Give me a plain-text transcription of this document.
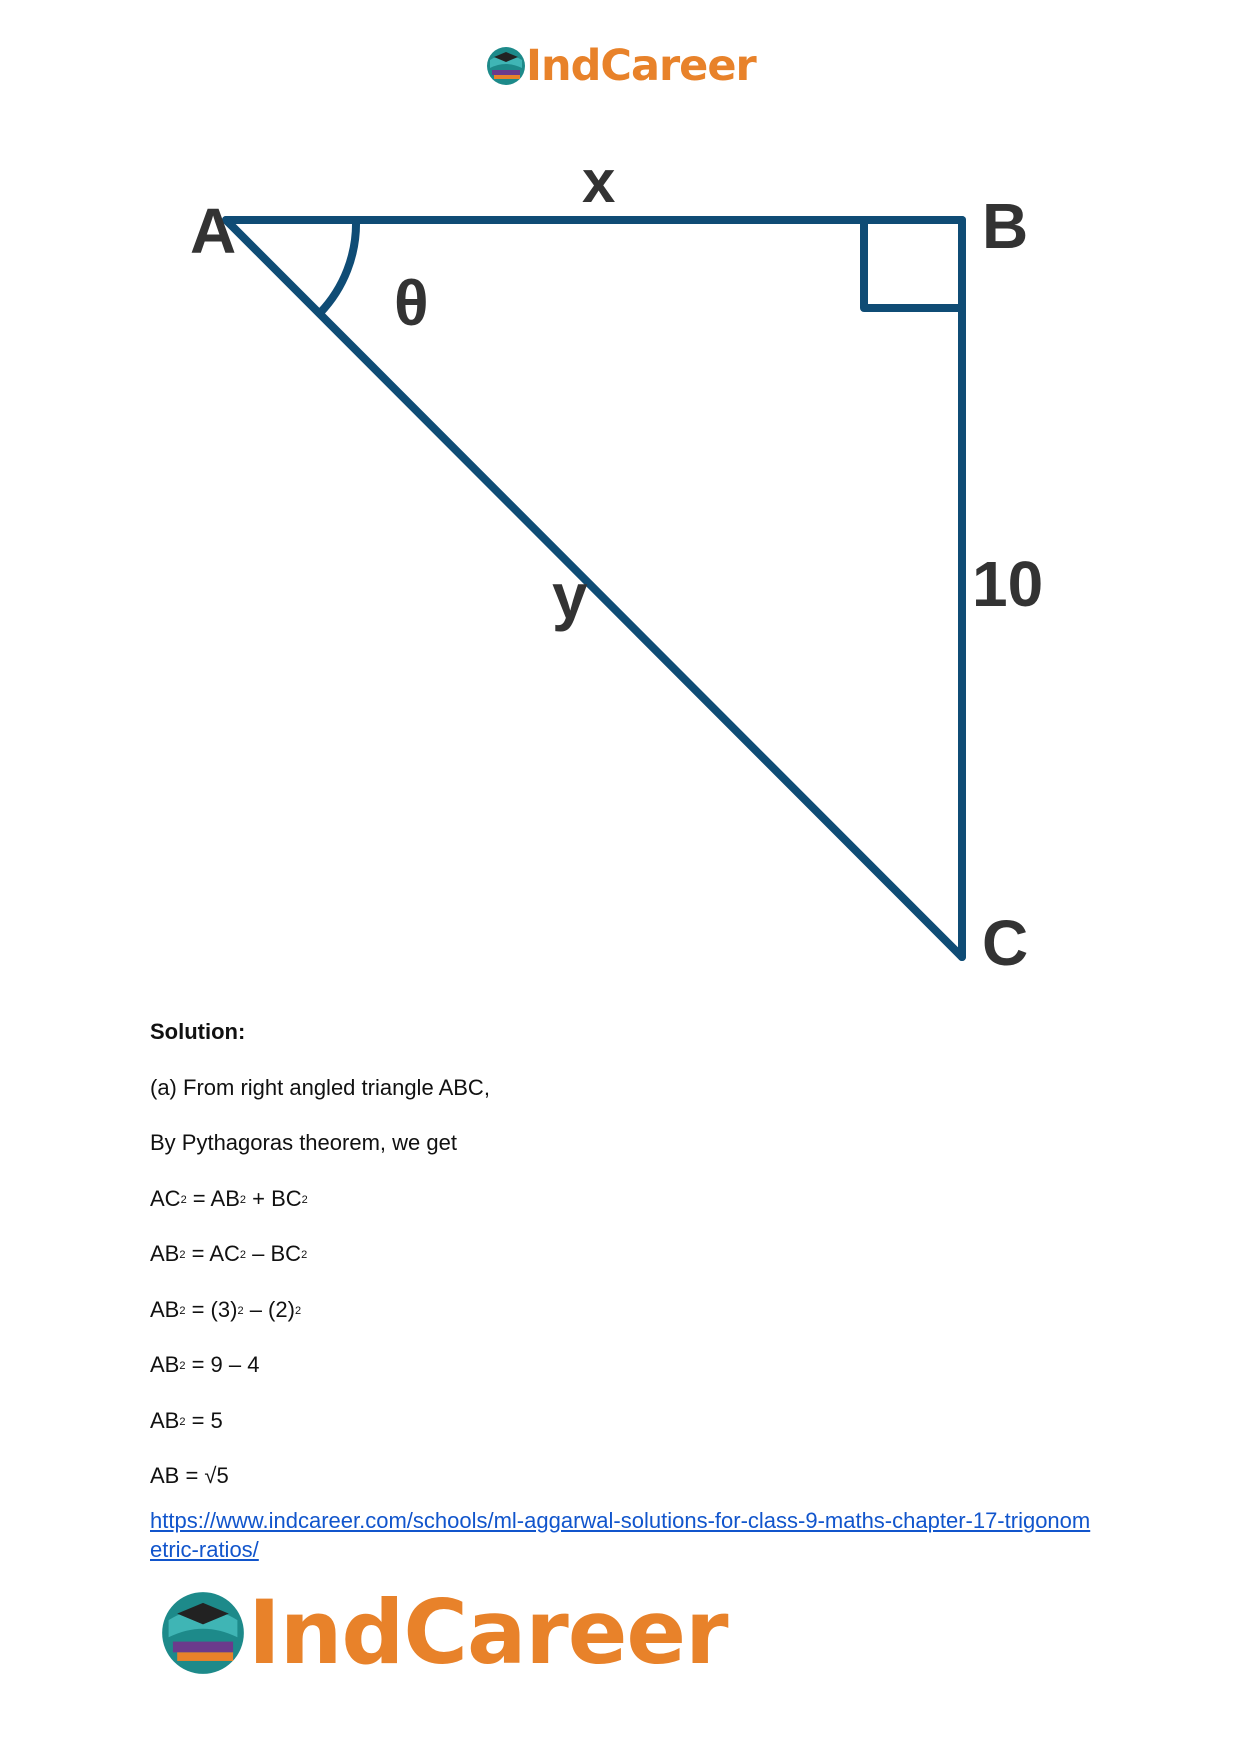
IndCareer
A	B
C
x
θ
y	10
Solution:
(a) From right angled triangle ABC,
By Pythagoras theorem, we get
$AC^2 = AB^2 + BC^2$
$AB^2 = AC^2 - BC^2$
$AB^2 = (3)^2 - (2)^2$
$AB^2 = 9 - 4$
$AB^2 = 5$
AB = √5
https://www.indcareer.com/schools/ml-aggarwal-solutions-for-class-9-maths-chapter-17-trigonometric-ratios/
IndCareer
